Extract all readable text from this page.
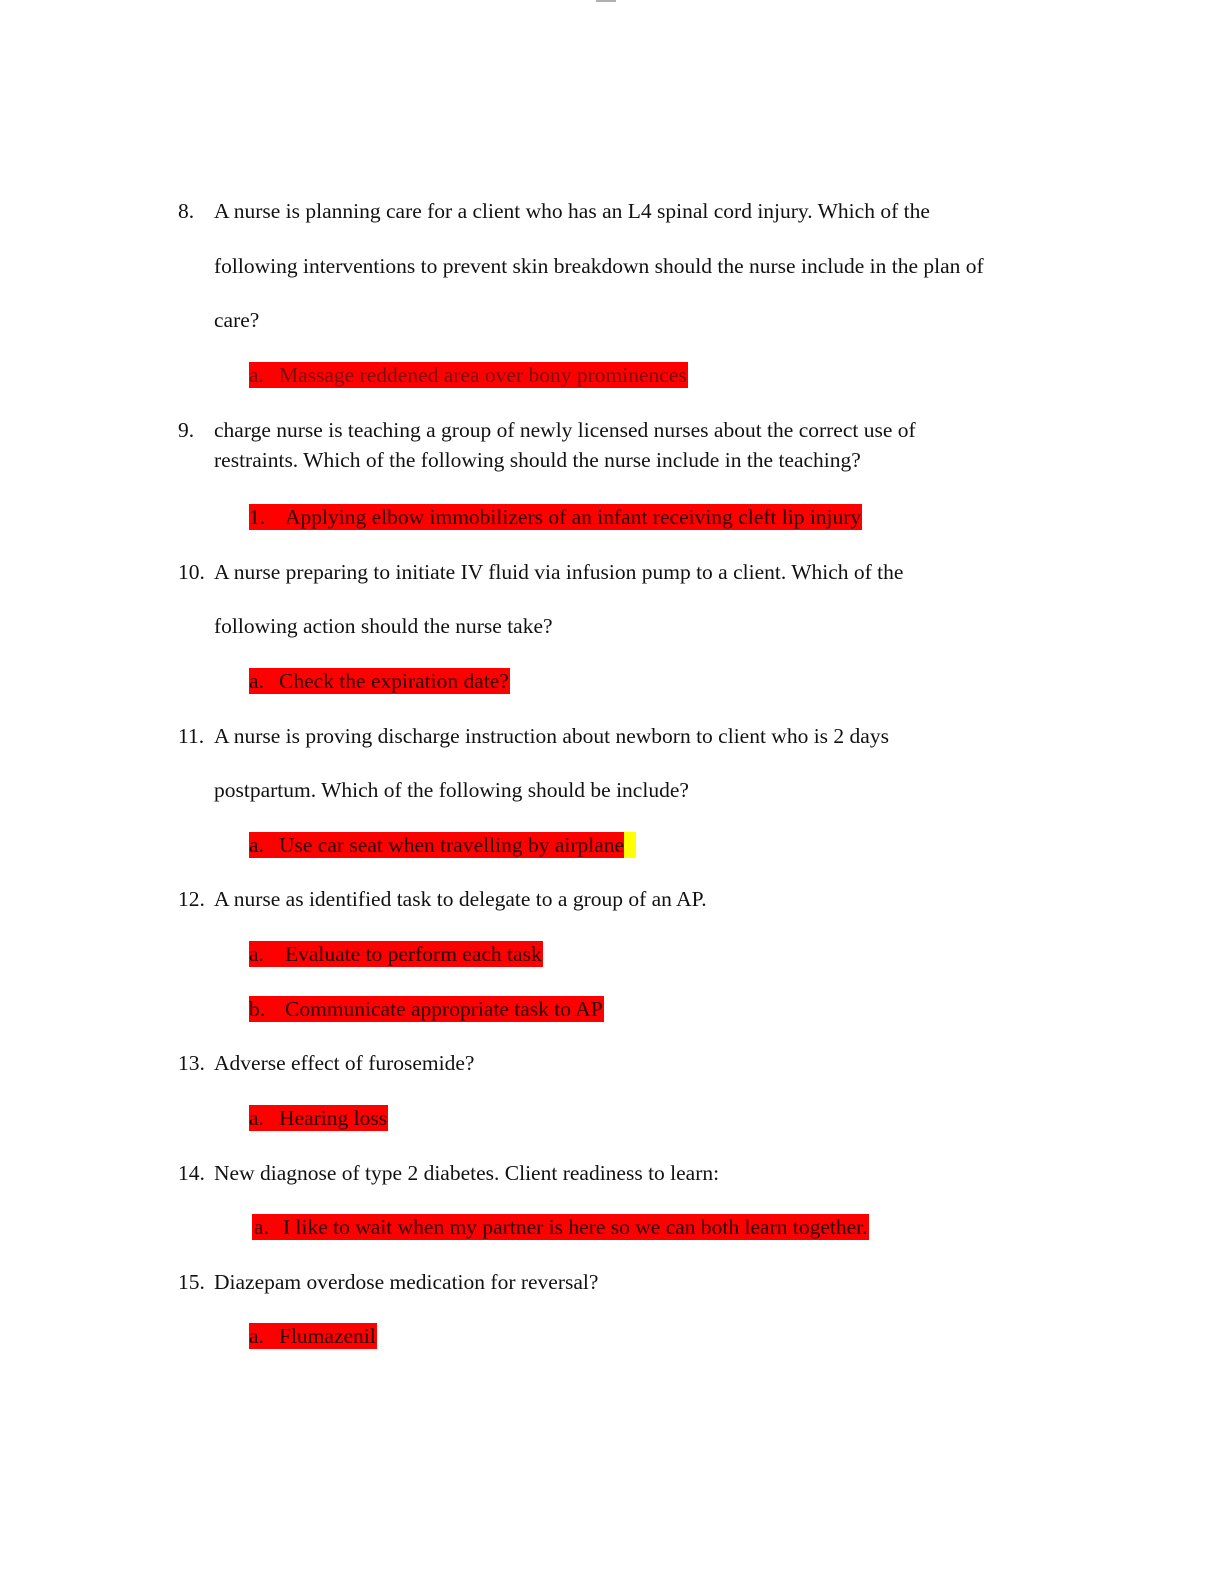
8. A nurse is planning care for a client who has an L4 spinal cord injury. Which of the
following interventions to prevent skin breakdown should the nurse include in the plan of
care?
a. Massage reddened area over bony prominences
9. charge nurse is teaching a group of newly licensed nurses about the correct use of
restraints. Which of the following should the nurse include in the teaching?
1. Applying elbow immobilizers of an infant receiving cleft lip injury
10. A nurse preparing to initiate IV fluid via infusion pump to a client. Which of the
following action should the nurse take?
a. Check the expiration date?
11. A nurse is proving discharge instruction about newborn to client who is 2 days
postpartum. Which of the following should be include?
a. Use car seat when travelling by airplane
12. A nurse as identified task to delegate to a group of an AP.
a. Evaluate to perform each task
b. Communicate appropriate task to AP
13. Adverse effect of furosemide?
a. Hearing loss
14. New diagnose of type 2 diabetes. Client readiness to learn:
a. I like to wait when my partner is here so we can both learn together.
15. Diazepam overdose medication for reversal?
a. Flumazenil
